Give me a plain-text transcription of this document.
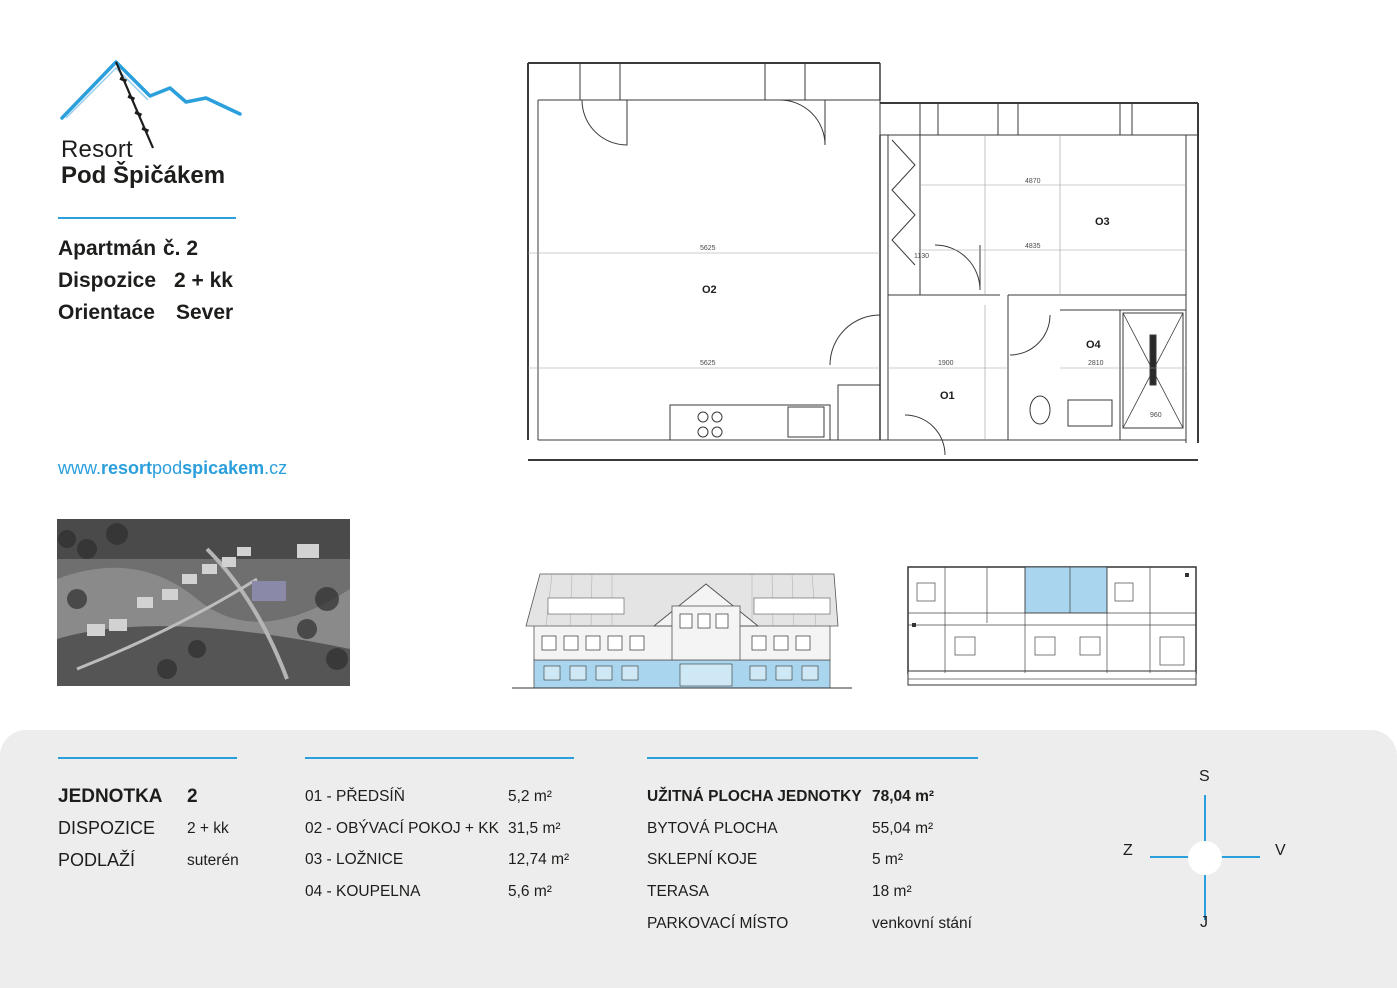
Resort
Pod Špičákem
Apartmán č. 2
Dispozice 2 + kk
Orientace Sever
www.resortpodspicakem.cz
5625
5625
4870
4835
1900	2810
1130
960
O2
O3
O4
O1
JEDNOTKA 2
DISPOZICE 2 + kk
PODLAŽÍ	suterén
01 - PŘEDSÍŇ	5,2 m²
02 - OBÝVACÍ POKOJ + KK 31,5 m²
03 - LOŽNICE	12,74 m²
04 - KOUPELNA	5,6 m²
UŽITNÁ PLOCHA JEDNOTKY 78,04 m²
BYTOVÁ PLOCHA	55,04 m²
SKLEPNÍ KOJE	5 m²
TERASA	18 m²
PARKOVACÍ MÍSTO	venkovní stání
S
J
Z	V
